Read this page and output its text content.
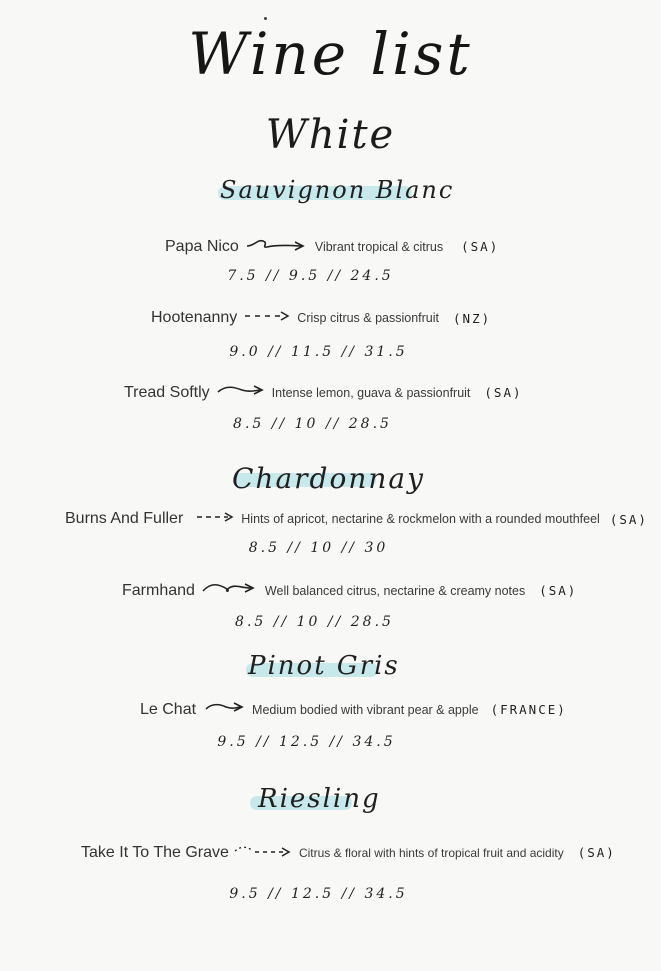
Wine list
White
Sauvignon Blanc
Papa Nico	Vibrant tropical & citrus (SA)
7.5 // 9.5 // 24.5
Hootenanny	Crisp citrus & passionfruit (NZ)
9.0 // 11.5 // 31.5
Tread Softly	Intense lemon, guava & passionfruit (SA)
8.5 // 10 // 28.5
Chardonnay
Burns And Fuller	Hints of apricot, nectarine & rockmelon with a rounded mouthfeel (SA)
8.5 // 10 // 30
Farmhand	Well balanced citrus, nectarine & creamy notes (SA)
8.5 // 10 // 28.5
Pinot Gris
Le Chat	Medium bodied with vibrant pear & apple (FRANCE)
9.5 // 12.5 // 34.5
Riesling
Take It To The Grave	Citrus & floral with hints of tropical fruit and acidity (SA)
9.5 // 12.5 // 34.5
